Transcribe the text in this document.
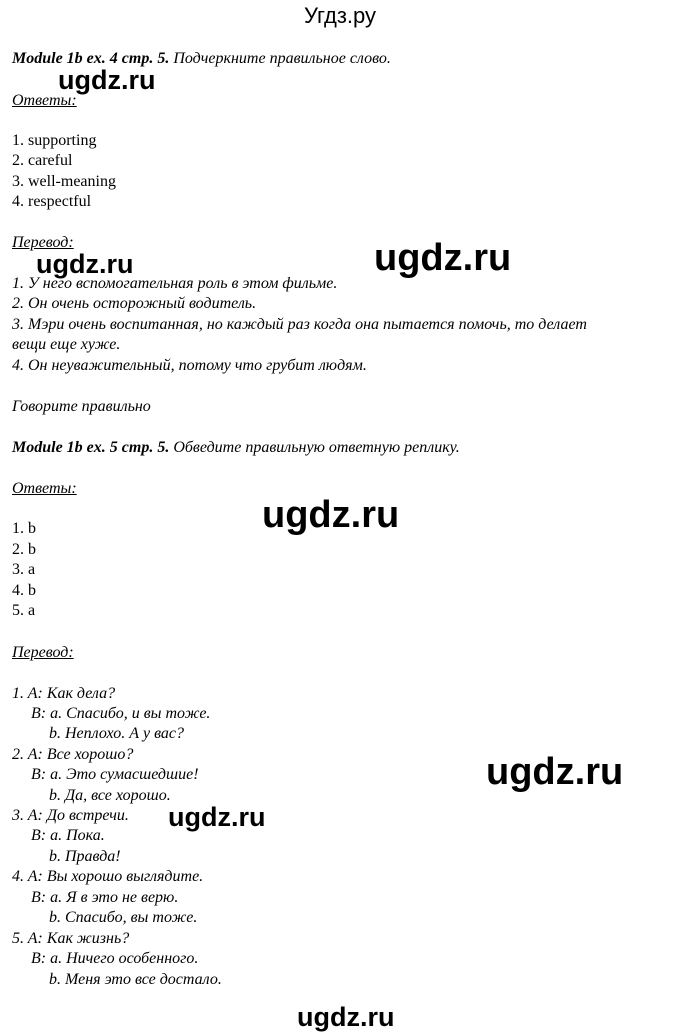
Угдз.ру
Module 1b ex. 4 стр. 5. Подчеркните правильное слово.
Ответы:
1. supporting
2. careful
3. well-meaning
4. respectful
Перевод:
1. У него вспомогательная роль в этом фильме.
2. Он очень осторожный водитель.
3. Мэри очень воспитанная, но каждый раз когда она пытается помочь, то делает
вещи еще хуже.
4. Он неуважительный, потому что грубит людям.
Говорите правильно
Module 1b ex. 5 стр. 5. Обведите правильную ответную реплику.
Ответы:
1. b
2. b
3. a
4. b
5. a
Перевод:
1. A: Как дела?
B: a. Спасибо, и вы тоже.
b. Неплохо. А у вас?
2. A: Все хорошо?
B: a. Это сумасшедшие!
b. Да, все хорошо.
3. A: До встречи.
B: a. Пока.
b. Правда!
4. A: Вы хорошо выглядите.
B: a. Я в это не верю.
b. Спасибо, вы тоже.
5. A: Как жизнь?
B: a. Ничего особенного.
b. Меня это все достало.
ugdz.ru
ugdz.ru	ugdz.ru
ugdz.ru
ugdz.ru
ugdz.ru
ugdz.ru
